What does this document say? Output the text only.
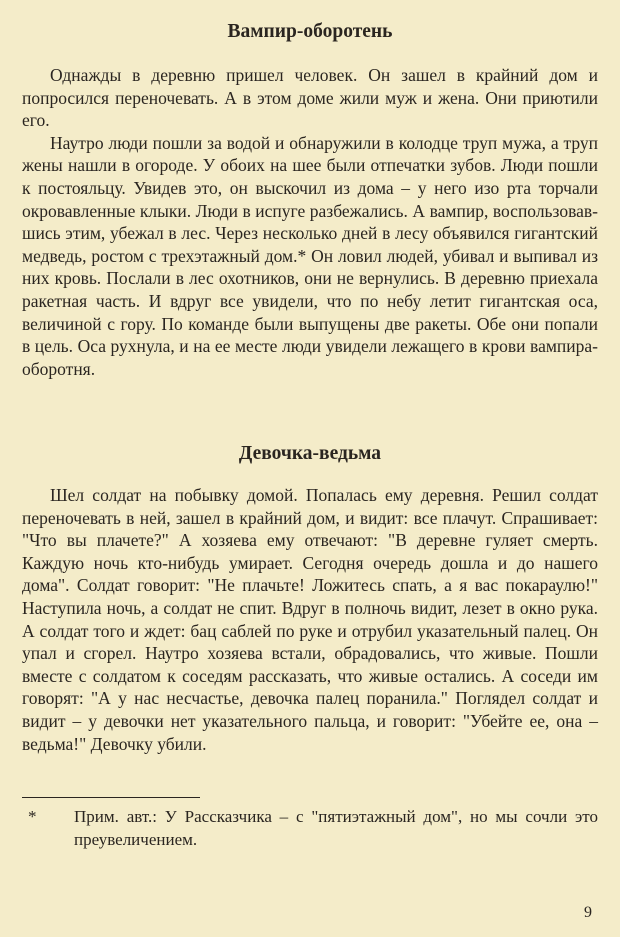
Вампир-оборотень

Однажды в деревню пришел человек. Он зашел в крайний дом и попросился переночевать. А в этом доме жили муж и жена. Они приютили его.

Наутро люди пошли за водой и обнаружили в колодце труп мужа, а труп жены нашли в огороде. У обоих на шее были отпечатки зубов. Люди пошли к постояльцу. Увидев это, он выскочил из дома – у него изо рта торчали окровавленные клыки. Люди в испуге разбежались. А вампир, воспользовавшись этим, убежал в лес. Через несколько дней в лесу объявился гигантский медведь, ростом с трехэтажный дом.* Он ловил людей, убивал и выпивал из них кровь. Послали в лес охотников, они не вернулись. В деревню приехала ракетная часть. И вдруг все увидели, что по небу летит гигантская оса, величиной с гору. По команде были выпущены две ракеты. Обе они попали в цель. Оса рухнула, и на ее месте люди увидели лежащего в крови вампира-оборотня.

Девочка-ведьма

Шел солдат на побывку домой. Попалась ему деревня. Решил солдат переночевать в ней, зашел в крайний дом, и видит: все плачут. Спрашивает: "Что вы плачете?" А хозяева ему отвечают: "В деревне гуляет смерть. Каждую ночь кто-нибудь умирает. Сегодня очередь дошла и до нашего дома". Солдат говорит: "Не плачьте! Ложитесь спать, а я вас покараулю!" Наступила ночь, а солдат не спит. Вдруг в полночь видит, лезет в окно рука. А солдат того и ждет: бац саблей по руке и отрубил указательный палец. Он упал и сгорел. Наутро хозяева встали, обрадовались, что живые. Пошли вместе с солдатом к соседям рассказать, что живые остались. А соседи им говорят: "А у нас несчастье, девочка палец поранила." Поглядел солдат и видит – у девочки нет указательного пальца, и говорит: "Убейте ее, она – ведьма!" Девочку убили.

* Прим. авт.: У Рассказчика – с "пятиэтажный дом", но мы сочли это преувеличением.
9
